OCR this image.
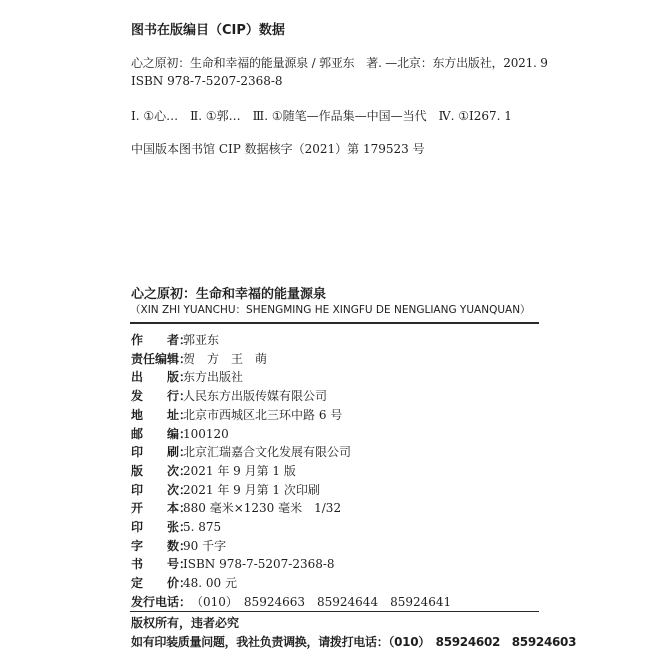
图书在版编目（CIP）数据
心之原初：生命和幸福的能量源泉 / 郭亚东　著. —北京：东方出版社，2021. 9
ISBN 978-7-5207-2368-8
Ⅰ. ①心…　Ⅱ. ①郭…　Ⅲ. ①随笔—作品集—中国—当代　Ⅳ. ①I267. 1
中国版本图书馆 CIP 数据核字（2021）第 179523 号
心之原初：生命和幸福的能量源泉
（XIN ZHI YUANCHU：SHENGMING HE XINGFU DE NENGLIANG YUANQUAN）
作　　者：郭亚东
责任编辑：贺　方　王　萌
出　　版：东方出版社
发　　行：人民东方出版传媒有限公司
地　　址：北京市西城区北三环中路 6 号
邮　　编：100120
印　　刷：北京汇瑞嘉合文化发展有限公司
版　　次：2021 年 9 月第 1 版
印　　次：2021 年 9 月第 1 次印刷
开　　本：880 毫米×1230 毫米　1/32
印　　张：5. 875
字　　数：90 千字
书　　号：ISBN 978-7-5207-2368-8
定　　价：48. 00 元
发行电话：（010）　85924663　85924644　85924641
版权所有，违者必究
如有印装质量问题，我社负责调换，请拨打电话：（010）　85924602　85924603
